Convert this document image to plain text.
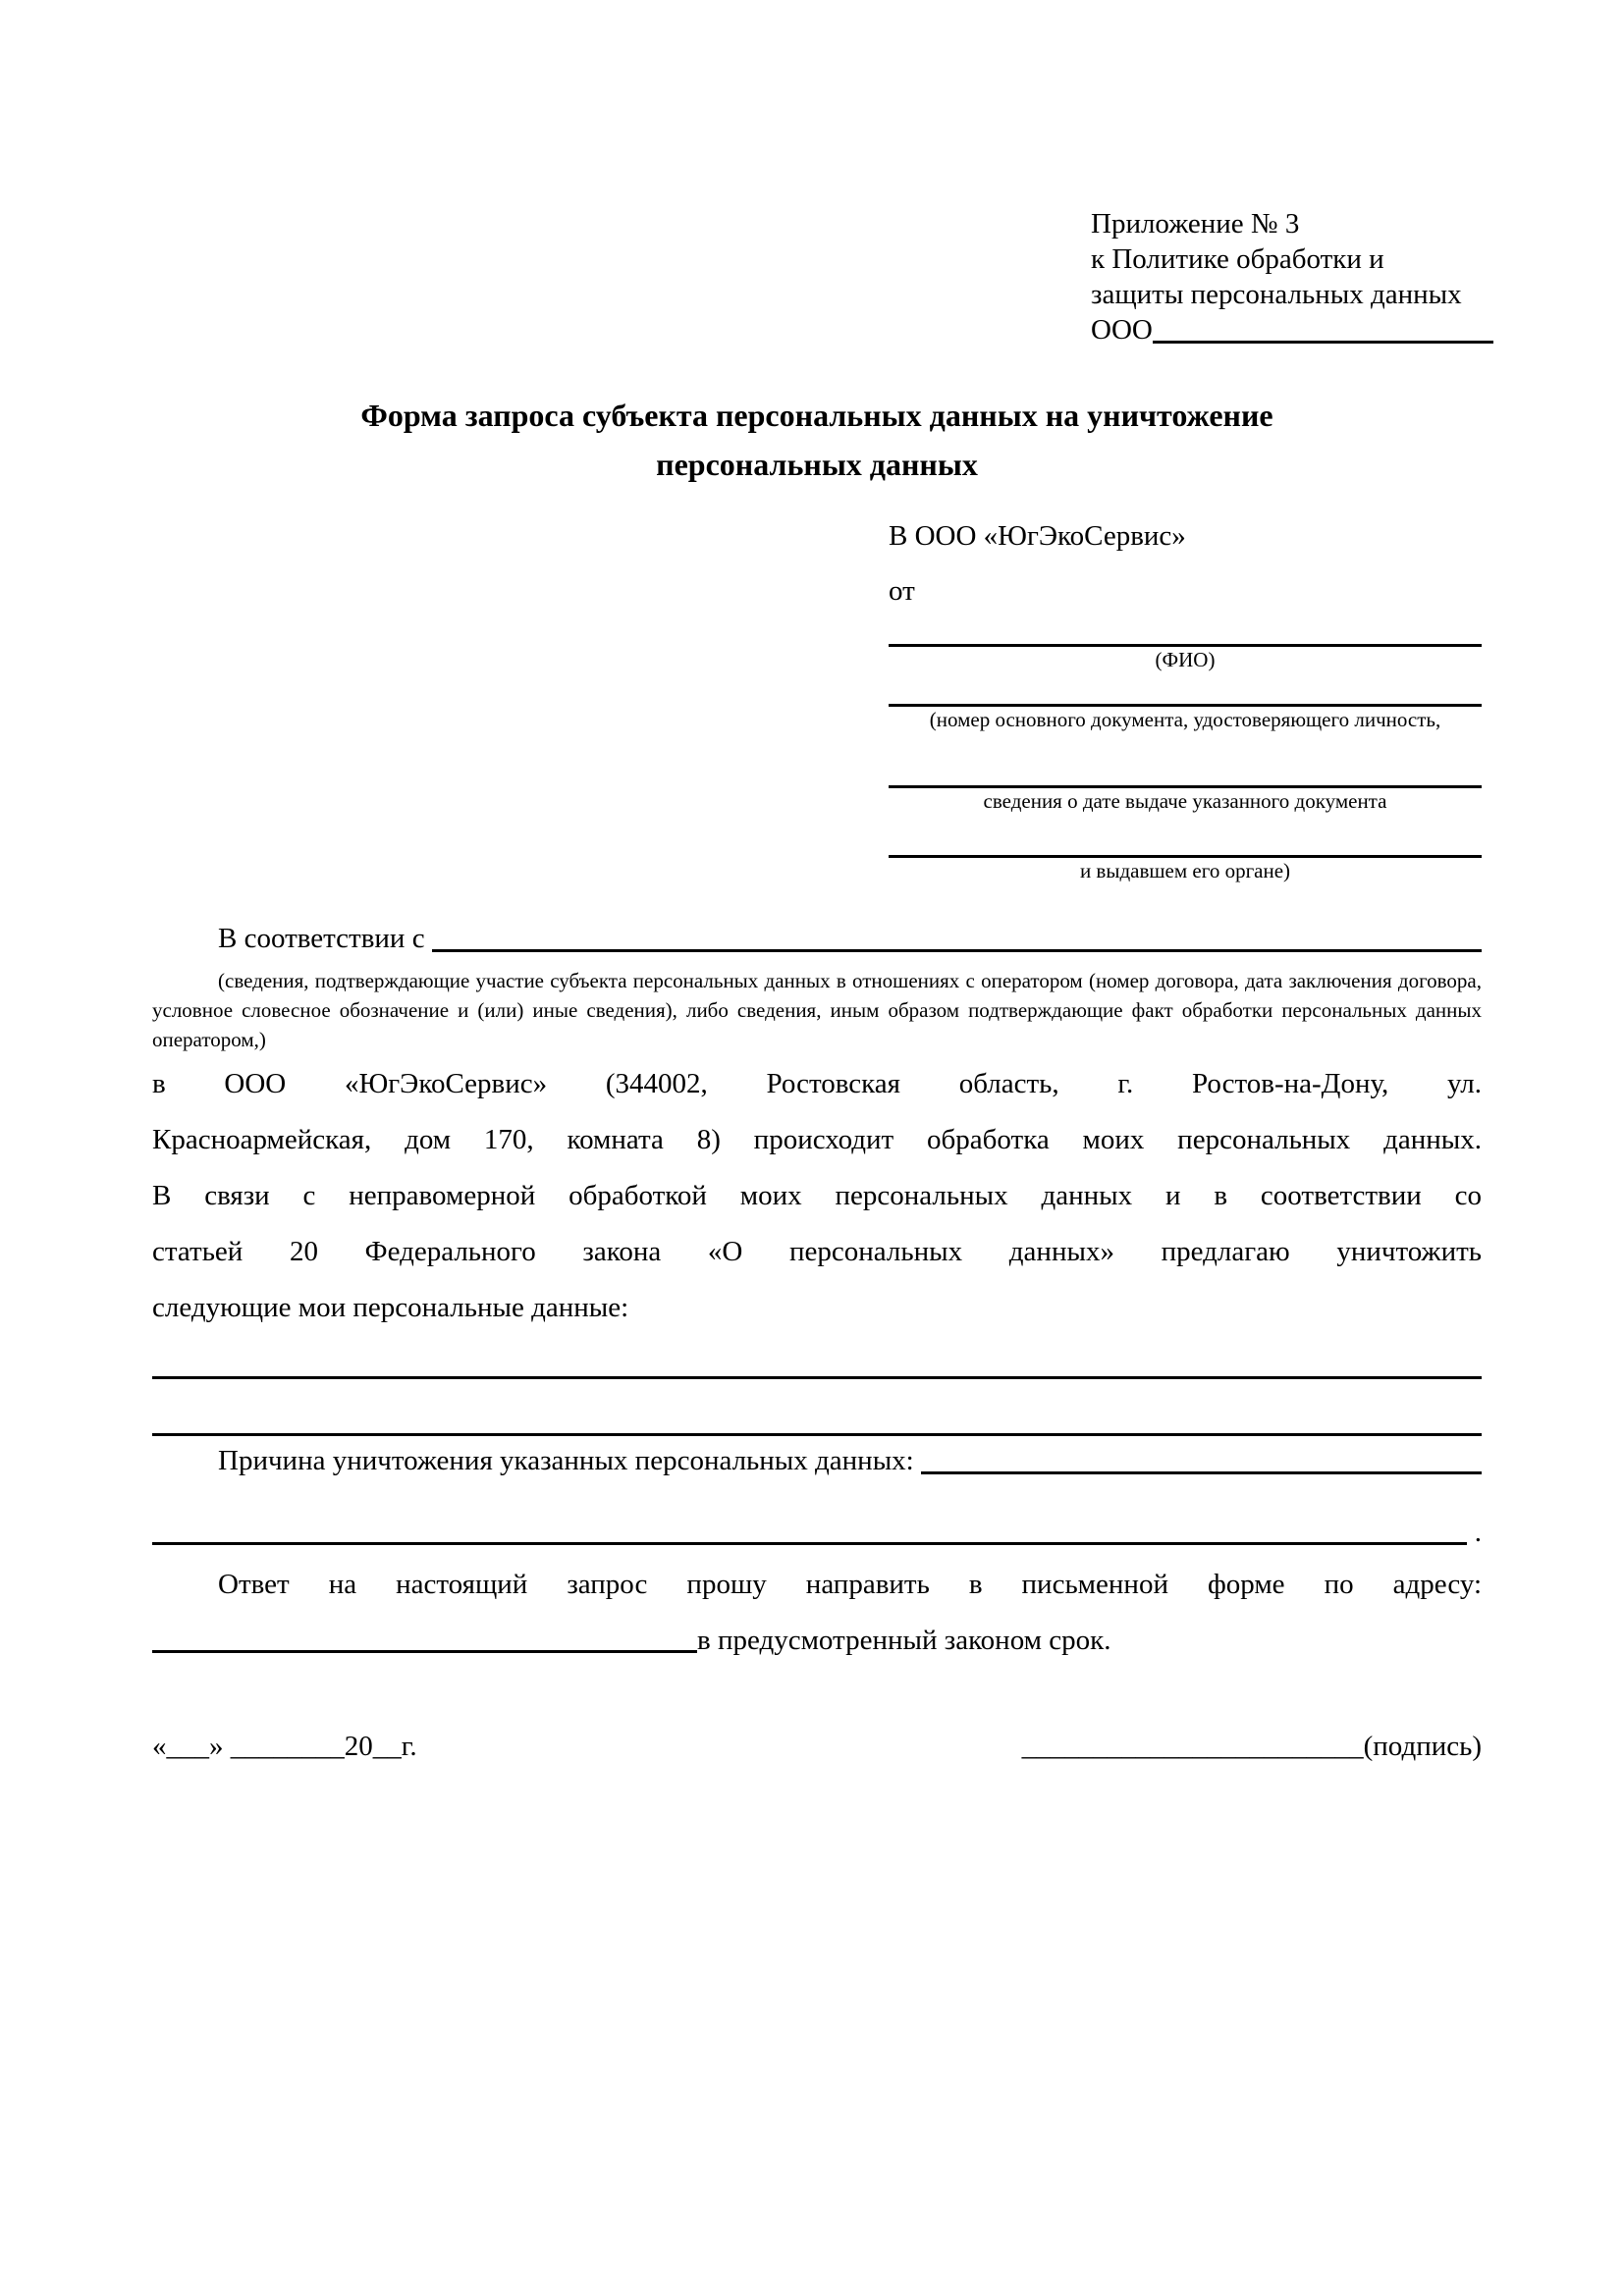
Приложение № 3
к Политике обработки и
защиты персональных данных
ООО
Форма запроса субъекта персональных данных на уничтожение
персональных данных
В ООО «ЮгЭкоСервис»
от
(ФИО)
(номер основного документа, удостоверяющего личность,
сведения о дате выдаче указанного документа
и выдавшем его органе)
В соответствии с
(сведения, подтверждающие участие субъекта персональных данных в отношениях с оператором (номер договора, дата заключения договора, условное словесное обозначение и (или) иные сведения), либо сведения, иным образом подтверждающие факт обработки персональных данных оператором,)
в ООО «ЮгЭкоСервис» (344002, Ростовская область, г. Ростов-на-Дону, ул.
Красноармейская, дом 170, комната 8) происходит обработка моих персональных данных.
В связи с неправомерной обработкой моих персональных данных и в соответствии со
статьей 20 Федерального закона «О персональных данных» предлагаю уничтожить
следующие мои персональные данные:
Причина уничтожения указанных персональных данных:
.
Ответ на настоящий запрос прошу направить в письменной форме по адресу:
в предусмотренный законом срок.
«___» ________20__г.	________________________(подпись)
